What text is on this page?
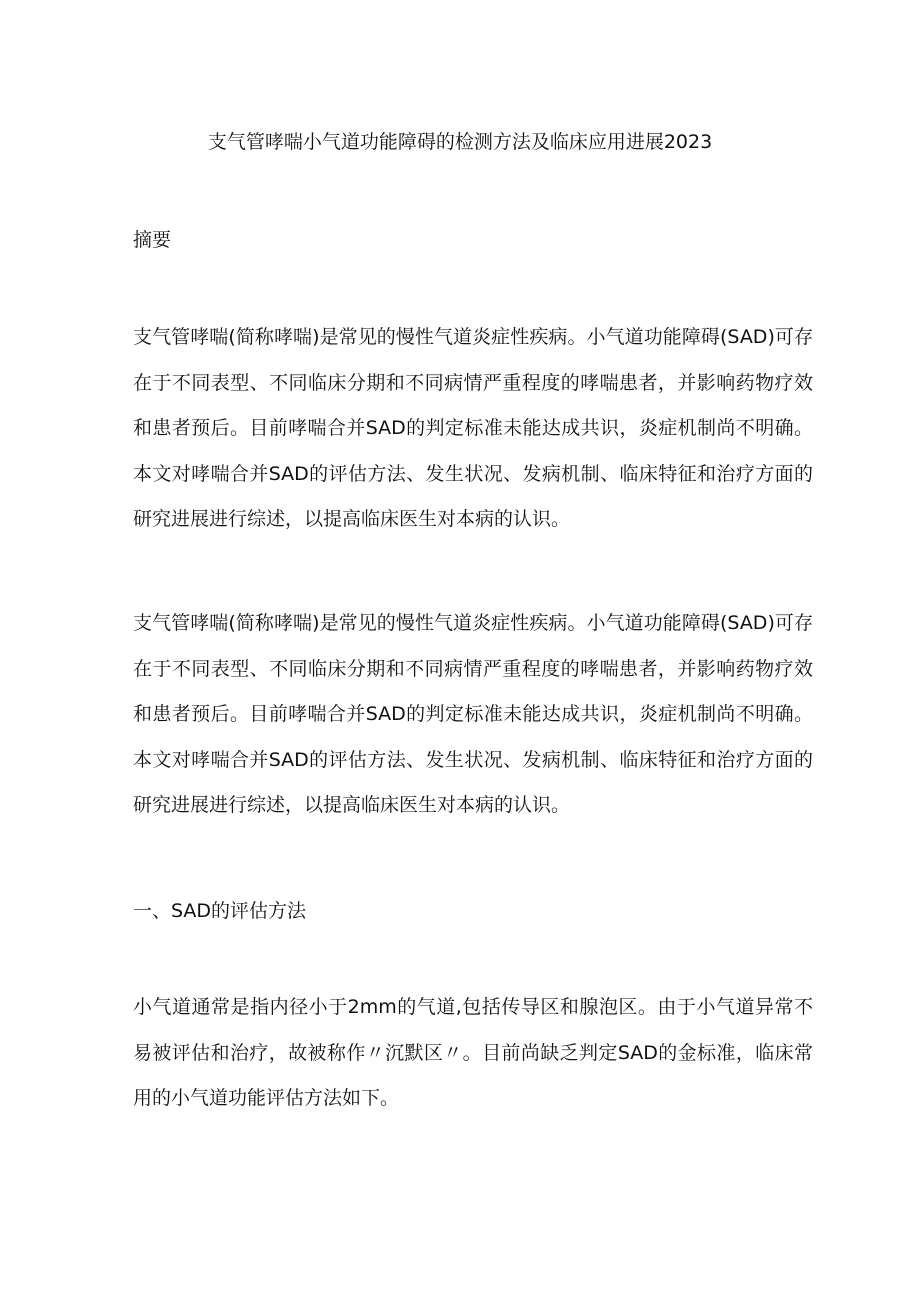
支气管哮喘小气道功能障碍的检测方法及临床应用进展2023

摘要

支气管哮喘(简称哮喘)是常见的慢性气道炎症性疾病。小气道功能障碍(SAD)可存在于不同表型、不同临床分期和不同病情严重程度的哮喘患者，并影响药物疗效和患者预后。目前哮喘合并SAD的判定标准未能达成共识，炎症机制尚不明确。本文对哮喘合并SAD的评估方法、发生状况、发病机制、临床特征和治疗方面的研究进展进行综述，以提高临床医生对本病的认识。

支气管哮喘(简称哮喘)是常见的慢性气道炎症性疾病。小气道功能障碍(SAD)可存在于不同表型、不同临床分期和不同病情严重程度的哮喘患者，并影响药物疗效和患者预后。目前哮喘合并SAD的判定标准未能达成共识，炎症机制尚不明确。本文对哮喘合并SAD的评估方法、发生状况、发病机制、临床特征和治疗方面的研究进展进行综述，以提高临床医生对本病的认识。

一、SAD的评估方法

小气道通常是指内径小于2mm的气道,包括传导区和腺泡区。由于小气道异常不易被评估和治疗，故被称作〃沉默区〃。目前尚缺乏判定SAD的金标准，临床常用的小气道功能评估方法如下。
